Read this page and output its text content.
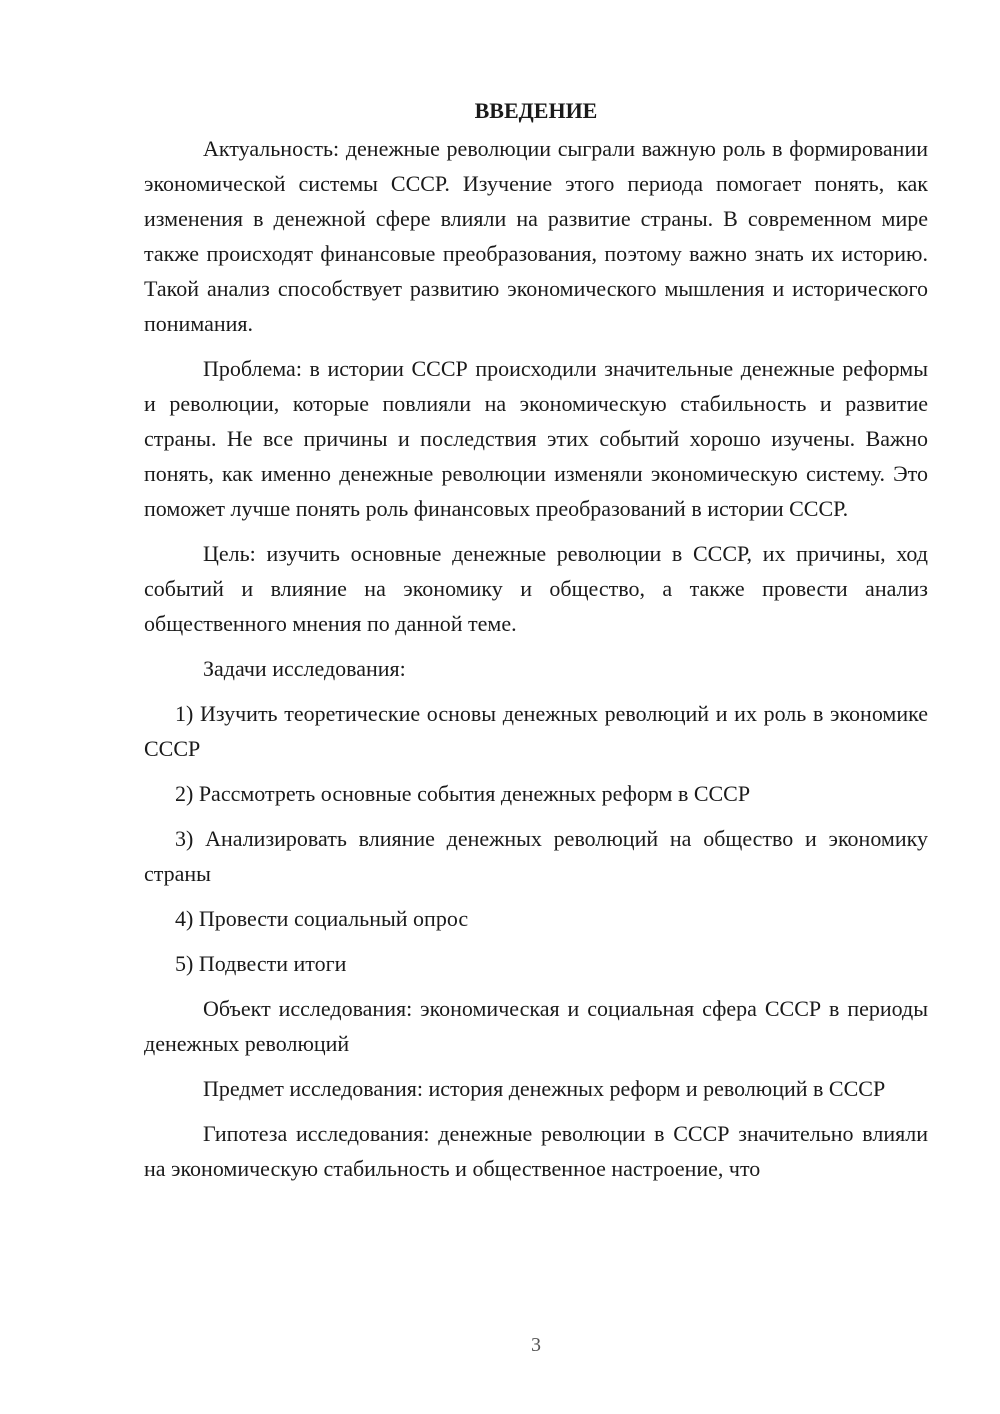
ВВЕДЕНИЕ

Актуальность: денежные революции сыграли важную роль в формировании экономической системы СССР. Изучение этого периода помогает понять, как изменения в денежной сфере влияли на развитие страны. В современном мире также происходят финансовые преобразования, поэтому важно знать их историю. Такой анализ способствует развитию экономического мышления и исторического понимания.

Проблема: в истории СССР происходили значительные денежные реформы и революции, которые повлияли на экономическую стабильность и развитие страны. Не все причины и последствия этих событий хорошо изучены. Важно понять, как именно денежные революции изменяли экономическую систему. Это поможет лучше понять роль финансовых преобразований в истории СССР.

Цель: изучить основные денежные революции в СССР, их причины, ход событий и влияние на экономику и общество, а также провести анализ общественного мнения по данной теме.

Задачи исследования:

1) Изучить теоретические основы денежных революций и их роль в экономике СССР

2) Рассмотреть основные события денежных реформ в СССР

3) Анализировать влияние денежных революций на общество и экономику страны

4) Провести социальный опрос

5) Подвести итоги

Объект исследования: экономическая и социальная сфера СССР в периоды денежных революций

Предмет исследования: история денежных реформ и революций в СССР

Гипотеза исследования: денежные революции в СССР значительно влияли на экономическую стабильность и общественное настроение, что

3
